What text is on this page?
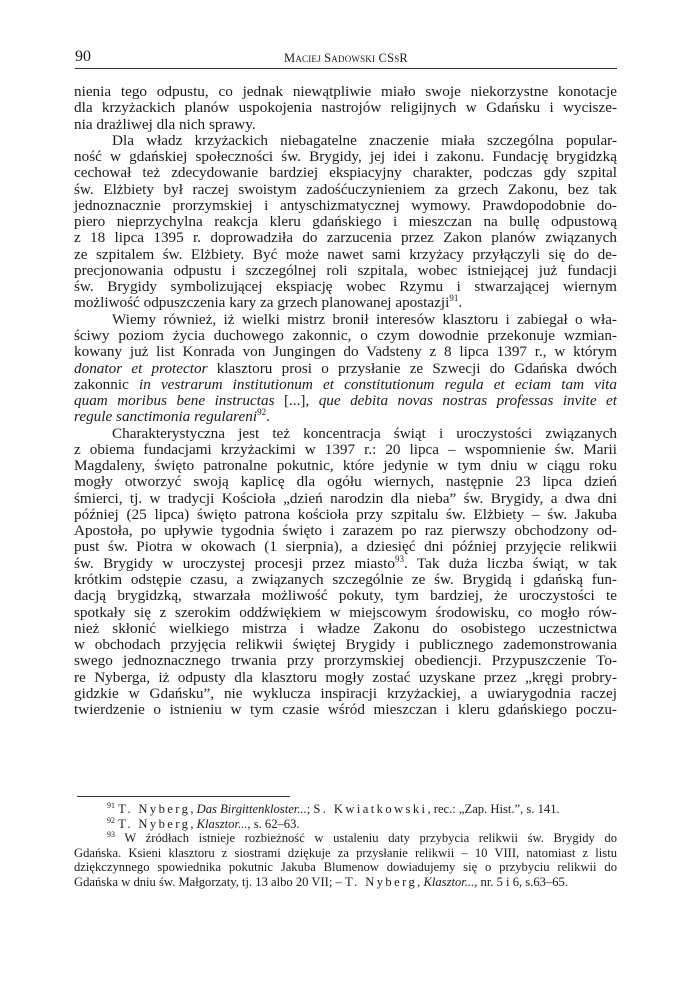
90	Maciej Sadowski CSsR
nienia tego odpustu, co jednak niewątpliwie miało swoje niekorzystne konotacje
dla krzyżackich planów uspokojenia nastrojów religijnych w Gdańsku i wycisze-
nia drażliwej dla nich sprawy.
Dla władz krzyżackich niebagatelne znaczenie miała szczególna popular-
ność w gdańskiej społeczności św. Brygidy, jej idei i zakonu. Fundację brygidzką
cechował też zdecydowanie bardziej ekspiacyjny charakter, podczas gdy szpital
św. Elżbiety był raczej swoistym zadośćuczynieniem za grzech Zakonu, bez tak
jednoznacznie prorzymskiej i antyschizmatycznej wymowy. Prawdopodobnie do-
piero nieprzychylna reakcja kleru gdańskiego i mieszczan na bullę odpustową
z 18 lipca 1395 r. doprowadziła do zarzucenia przez Zakon planów związanych
ze szpitalem św. Elżbiety. Być może nawet sami krzyżacy przyłączyli się do de-
precjonowania odpustu i szczególnej roli szpitala, wobec istniejącej już fundacji
św. Brygidy symbolizującej ekspiację wobec Rzymu i stwarzającej wiernym
możliwość odpuszczenia kary za grzech planowanej apostazji$^{91}$.
Wiemy również, iż wielki mistrz bronił interesów klasztoru i zabiegał o wła-
ściwy poziom życia duchowego zakonnic, o czym dowodnie przekonuje wzmian-
kowany już list Konrada von Jungingen do Vadsteny z 8 lipca 1397 r., w którym
donator et protector klasztoru prosi o przysłanie ze Szwecji do Gdańska dwóch
zakonnic in vestrarum institutionum et constitutionum regula et eciam tam vita
quam moribus bene instructas [...], que debita novas nostras professas invite et
regule sanctimonia regulareni$^{92}$.
Charakterystyczna jest też koncentracja świąt i uroczystości związanych
z obiema fundacjami krzyżackimi w 1397 r.: 20 lipca – wspomnienie św. Marii
Magdaleny, święto patronalne pokutnic, które jedynie w tym dniu w ciągu roku
mogły otworzyć swoją kaplicę dla ogółu wiernych, następnie 23 lipca dzień
śmierci, tj. w tradycji Kościoła „dzień narodzin dla nieba” św. Brygidy, a dwa dni
później (25 lipca) święto patrona kościoła przy szpitalu św. Elżbiety – św. Jakuba
Apostoła, po upływie tygodnia święto i zarazem po raz pierwszy obchodzony od-
pust św. Piotra w okowach (1 sierpnia), a dziesięć dni później przyjęcie relikwii
św. Brygidy w uroczystej procesji przez miasto$^{93}$. Tak duża liczba świąt, w tak
krótkim odstępie czasu, a związanych szczególnie ze św. Brygidą i gdańską fun-
dacją brygidzką, stwarzała możliwość pokuty, tym bardziej, że uroczystości te
spotkały się z szerokim oddźwiękiem w miejscowym środowisku, co mogło rów-
nież skłonić wielkiego mistrza i władze Zakonu do osobistego uczestnictwa
w obchodach przyjęcia relikwii świętej Brygidy i publicznego zademonstrowania
swego jednoznacznego trwania przy prorzymskiej obediencji. Przypuszczenie To-
re Nyberga, iż odpusty dla klasztoru mogły zostać uzyskane przez „kręgi probry-
gidzkie w Gdańsku”, nie wyklucza inspiracji krzyżackiej, a uwiarygodnia raczej
twierdzenie o istnieniu w tym czasie wśród mieszczan i kleru gdańskiego poczu-
$^{91}$ T. Nyberg, Das Birgittenkloster...; S. Kwiatkowski, rec.: „Zap. Hist.”, s. 141.
$^{92}$ T. Nyberg, Klasztor..., s. 62–63.
$^{93}$ W źródłach istnieje rozbieżność w ustaleniu daty przybycia relikwii św. Brygidy do
Gdańska. Ksieni klasztoru z siostrami dziękuje za przysłanie relikwii – 10 VIII, natomiast z listu
dziękczynnego spowiednika pokutnic Jakuba Blumenow dowiadujemy się o przybyciu relikwii do
Gdańska w dniu św. Małgorzaty, tj. 13 albo 20 VII; – T. Nyberg, Klasztor..., nr. 5 i 6, s.63–65.
